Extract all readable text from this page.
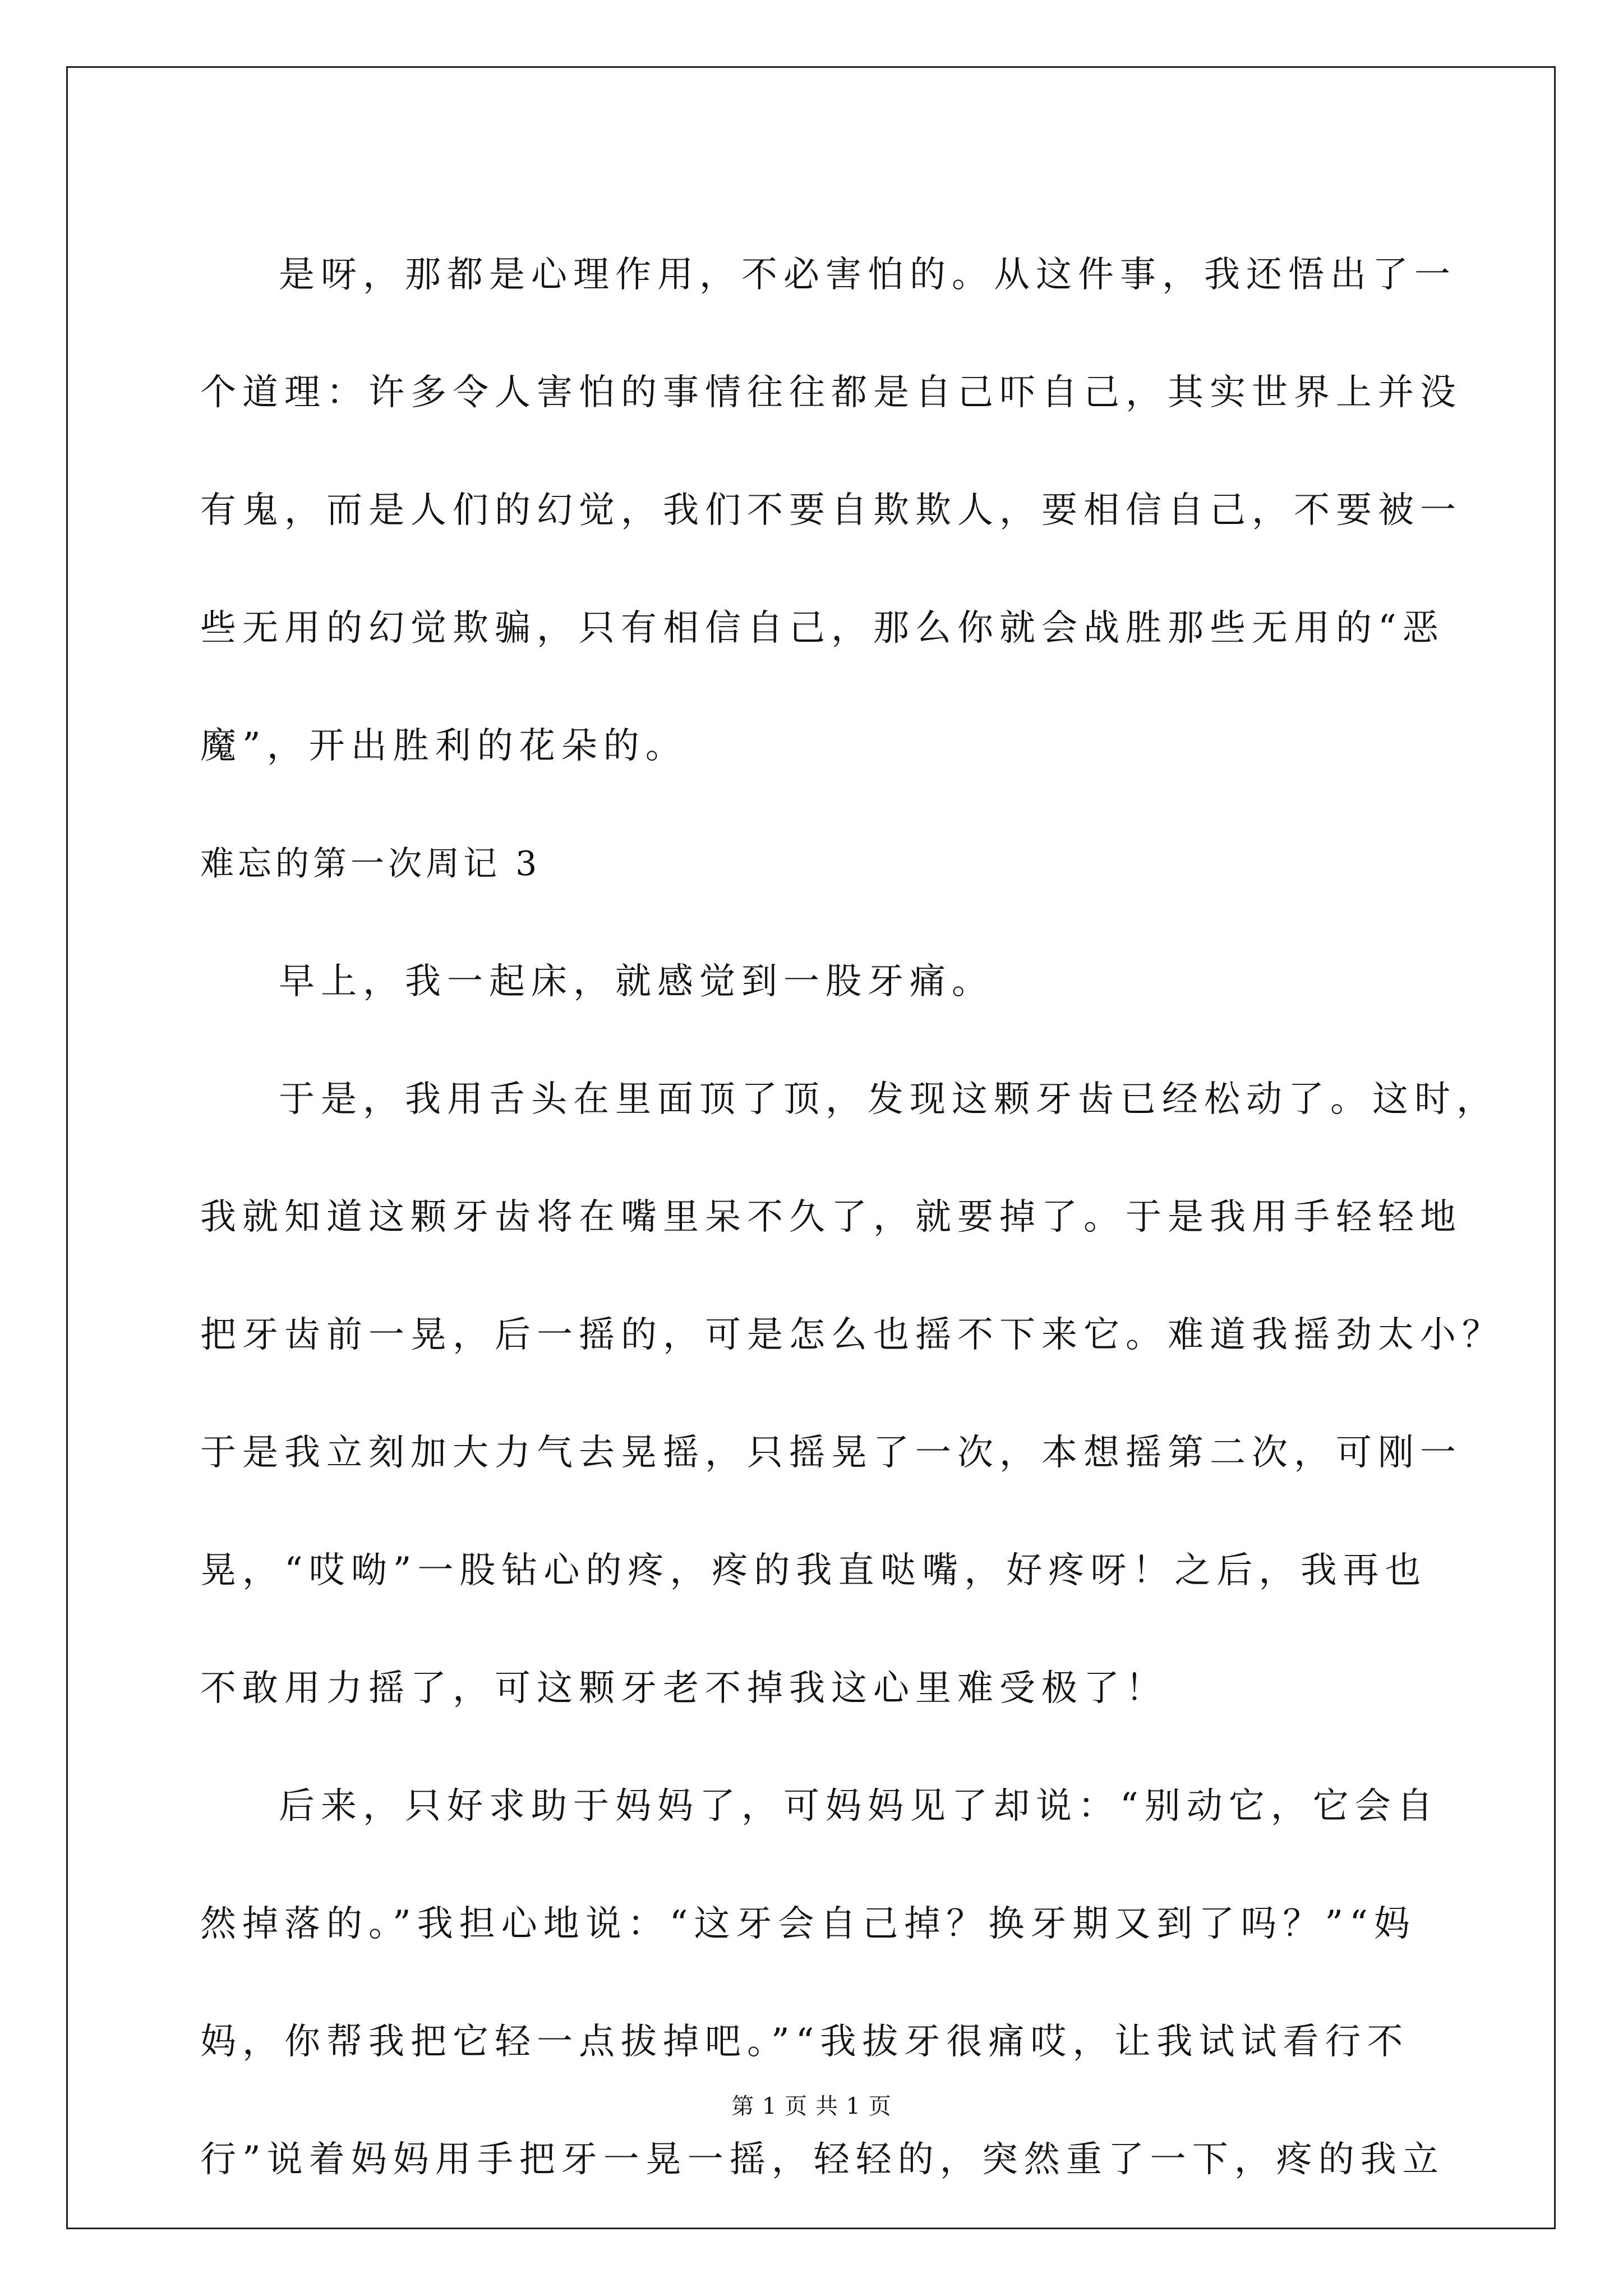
是呀，那都是心理作用，不必害怕的。从这件事，我还悟出了一
个道理：许多令人害怕的事情往往都是自己吓自己，其实世界上并没
有鬼，而是人们的幻觉，我们不要自欺欺人，要相信自己，不要被一
些无用的幻觉欺骗，只有相信自己，那么你就会战胜那些无用的“恶
魔”，开出胜利的花朵的。
难忘的第一次周记 3
早上，我一起床，就感觉到一股牙痛。
于是，我用舌头在里面顶了顶，发现这颗牙齿已经松动了。这时，
我就知道这颗牙齿将在嘴里呆不久了，就要掉了。于是我用手轻轻地
把牙齿前一晃，后一摇的，可是怎么也摇不下来它。难道我摇劲太小？
于是我立刻加大力气去晃摇，只摇晃了一次，本想摇第二次，可刚一
晃，“哎呦”一股钻心的疼，疼的我直哒嘴，好疼呀！之后，我再也
不敢用力摇了，可这颗牙老不掉我这心里难受极了！
后来，只好求助于妈妈了，可妈妈见了却说：“别动它，它会自
然掉落的。”我担心地说：“这牙会自己掉？换牙期又到了吗？”“妈
妈，你帮我把它轻一点拔掉吧。”“我拔牙很痛哎，让我试试看行不
行”说着妈妈用手把牙一晃一摇，轻轻的，突然重了一下，疼的我立
第 1 页 共 1 页
